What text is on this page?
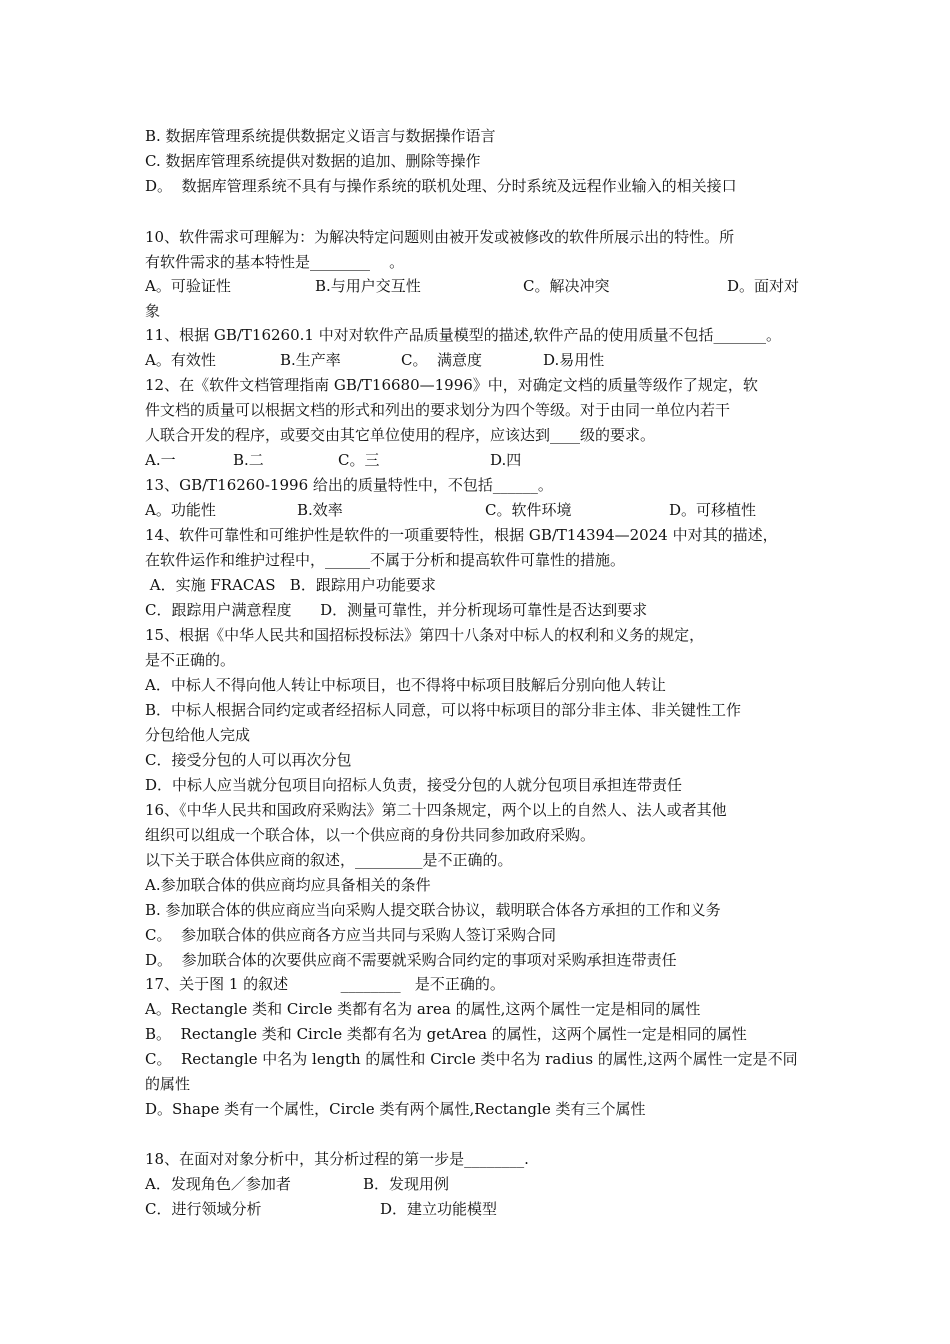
B. 数据库管理系统提供数据定义语言与数据操作语言
C. 数据库管理系统提供对数据的追加、删除等操作
D。  数据库管理系统不具有与操作系统的联机处理、分时系统及远程作业输入的相关接口
10、软件需求可理解为：为解决特定问题则由被开发或被修改的软件所展示出的特性。所
有软件需求的基本特性是________    。

A。可验证性

	B.与用户交互性

	C。解决冲突

	D。面对对

象
11、根据 GB/T16260.1 中对对软件产品质量模型的描述,软件产品的使用质量不包括_______。

A。有效性

	B.生产率

	C。  满意度

	D.易用性

12、在《软件文档管理指南 GB/T16680—1996》中，对确定文档的质量等级作了规定，软
件文档的质量可以根据文档的形式和列出的要求划分为四个等级。对于由同一单位内若干
人联合开发的程序，或要交由其它单位使用的程序，应该达到____级的要求。

A.一

	B.二

	C。三

	D.四

13、GB/T16260-1996 给出的质量特性中，不包括______。

A。功能性

	B.效率

	C。软件环境

	D。可移植性

14、软件可靠性和可维护性是软件的一项重要特性，根据 GB/T14394—2024 中对其的描述，
在软件运作和维护过程中，______不属于分析和提高软件可靠性的措施。
A．实施 FRACAS   B．跟踪用户功能要求
C．跟踪用户满意程度      D．测量可靠性，并分析现场可靠性是否达到要求
15、根据《中华人民共和国招标投标法》第四十八条对中标人的权利和义务的规定，
是不正确的。
A．中标人不得向他人转让中标项目，也不得将中标项目肢解后分别向他人转让
B．中标人根据合同约定或者经招标人同意，可以将中标项目的部分非主体、非关键性工作
分包给他人完成
C．接受分包的人可以再次分包
D．中标人应当就分包项目向招标人负责，接受分包的人就分包项目承担连带责任
16、《中华人民共和国政府采购法》第二十四条规定，两个以上的自然人、法人或者其他
组织可以组成一个联合体，以一个供应商的身份共同参加政府采购。
以下关于联合体供应商的叙述，_________是不正确的。
A.参加联合体的供应商均应具备相关的条件
B. 参加联合体的供应商应当向采购人提交联合协议，载明联合体各方承担的工作和义务
C。  参加联合体的供应商各方应当共同与采购人签订采购合同
D。  参加联合体的次要供应商不需要就采购合同约定的事项对采购承担连带责任
17、关于图 1 的叙述           ________   是不正确的。
A。Rectangle 类和 Circle 类都有名为 area 的属性,这两个属性一定是相同的属性
B。  Rectangle 类和 Circle 类都有名为 getArea 的属性，这两个属性一定是相同的属性
C。  Rectangle 中名为 length 的属性和 Circle 类中名为 radius 的属性,这两个属性一定是不同
的属性
D。Shape 类有一个属性，Circle 类有两个属性,Rectangle 类有三个属性
18、在面对对象分析中，其分析过程的第一步是________.

A．发现角色／参加者

	B．发现用例

C．进行领域分析

	D．建立功能模型
